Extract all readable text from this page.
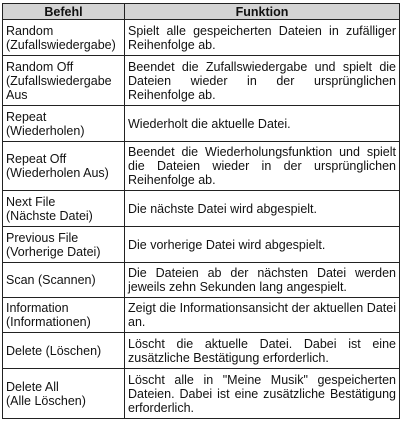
Befehl	Funktion
Random
(Zufallswiedergabe)	Spielt alle gespeicherten Dateien in zufälliger Reihenfolge ab.
Random Off
(Zufallswiedergabe
Aus	Beendet die Zufallswiedergabe und spielt die Dateien wieder in der ursprünglichen Reihenfolge ab.
Repeat
(Wiederholen)	Wiederholt die aktuelle Datei.
Repeat Off
(Wiederholen Aus)	Beendet die Wiederholungsfunktion und spielt die Dateien wieder in der ursprünglichen Reihenfolge ab.
Next File
(Nächste Datei)	Die nächste Datei wird abgespielt.
Previous File
(Vorherige Datei)	Die vorherige Datei wird abgespielt.
Scan (Scannen)	Die Dateien ab der nächsten Datei werden jeweils zehn Sekunden lang angespielt.
Information
(Informationen)	Zeigt die Informationsansicht der aktuellen Datei an.
Delete (Löschen)	Löscht die aktuelle Datei. Dabei ist eine zusätzliche Bestätigung erforderlich.
Delete All
(Alle Löschen)	Löscht alle in "Meine Musik" gespeicherten Dateien. Dabei ist eine zusätzliche Bestätigung erforderlich.
